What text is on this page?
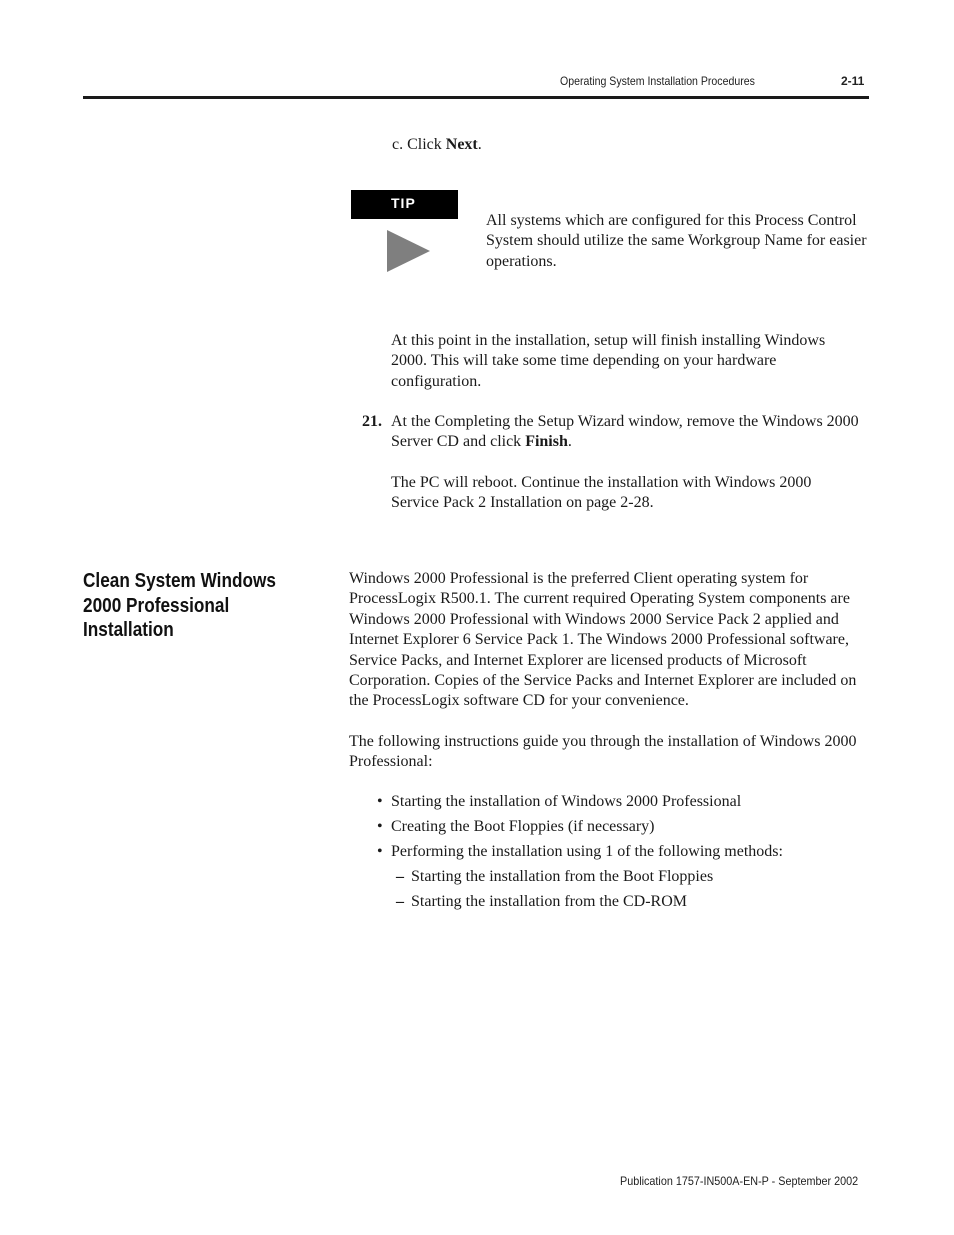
Operating System Installation Procedures	2-11
c. Click Next.
TIP
All systems which are configured for this Process Control System should utilize the same Workgroup Name for easier operations.
At this point in the installation, setup will finish installing Windows 2000. This will take some time depending on your hardware configuration.
21. At the Completing the Setup Wizard window, remove the Windows 2000 Server CD and click Finish.
The PC will reboot. Continue the installation with Windows 2000 Service Pack 2 Installation on page 2-28.
Clean System Windows 2000 Professional Installation
Windows 2000 Professional is the preferred Client operating system for ProcessLogix R500.1. The current required Operating System components are Windows 2000 Professional with Windows 2000 Service Pack 2 applied and Internet Explorer 6 Service Pack 1. The Windows 2000 Professional software, Service Packs, and Internet Explorer are licensed products of Microsoft Corporation. Copies of the Service Packs and Internet Explorer are included on the ProcessLogix software CD for your convenience.
The following instructions guide you through the installation of Windows 2000 Professional:
• Starting the installation of Windows 2000 Professional
• Creating the Boot Floppies (if necessary)
• Performing the installation using 1 of the following methods:
– Starting the installation from the Boot Floppies
– Starting the installation from the CD-ROM
Publication 1757-IN500A-EN-P - September 2002
